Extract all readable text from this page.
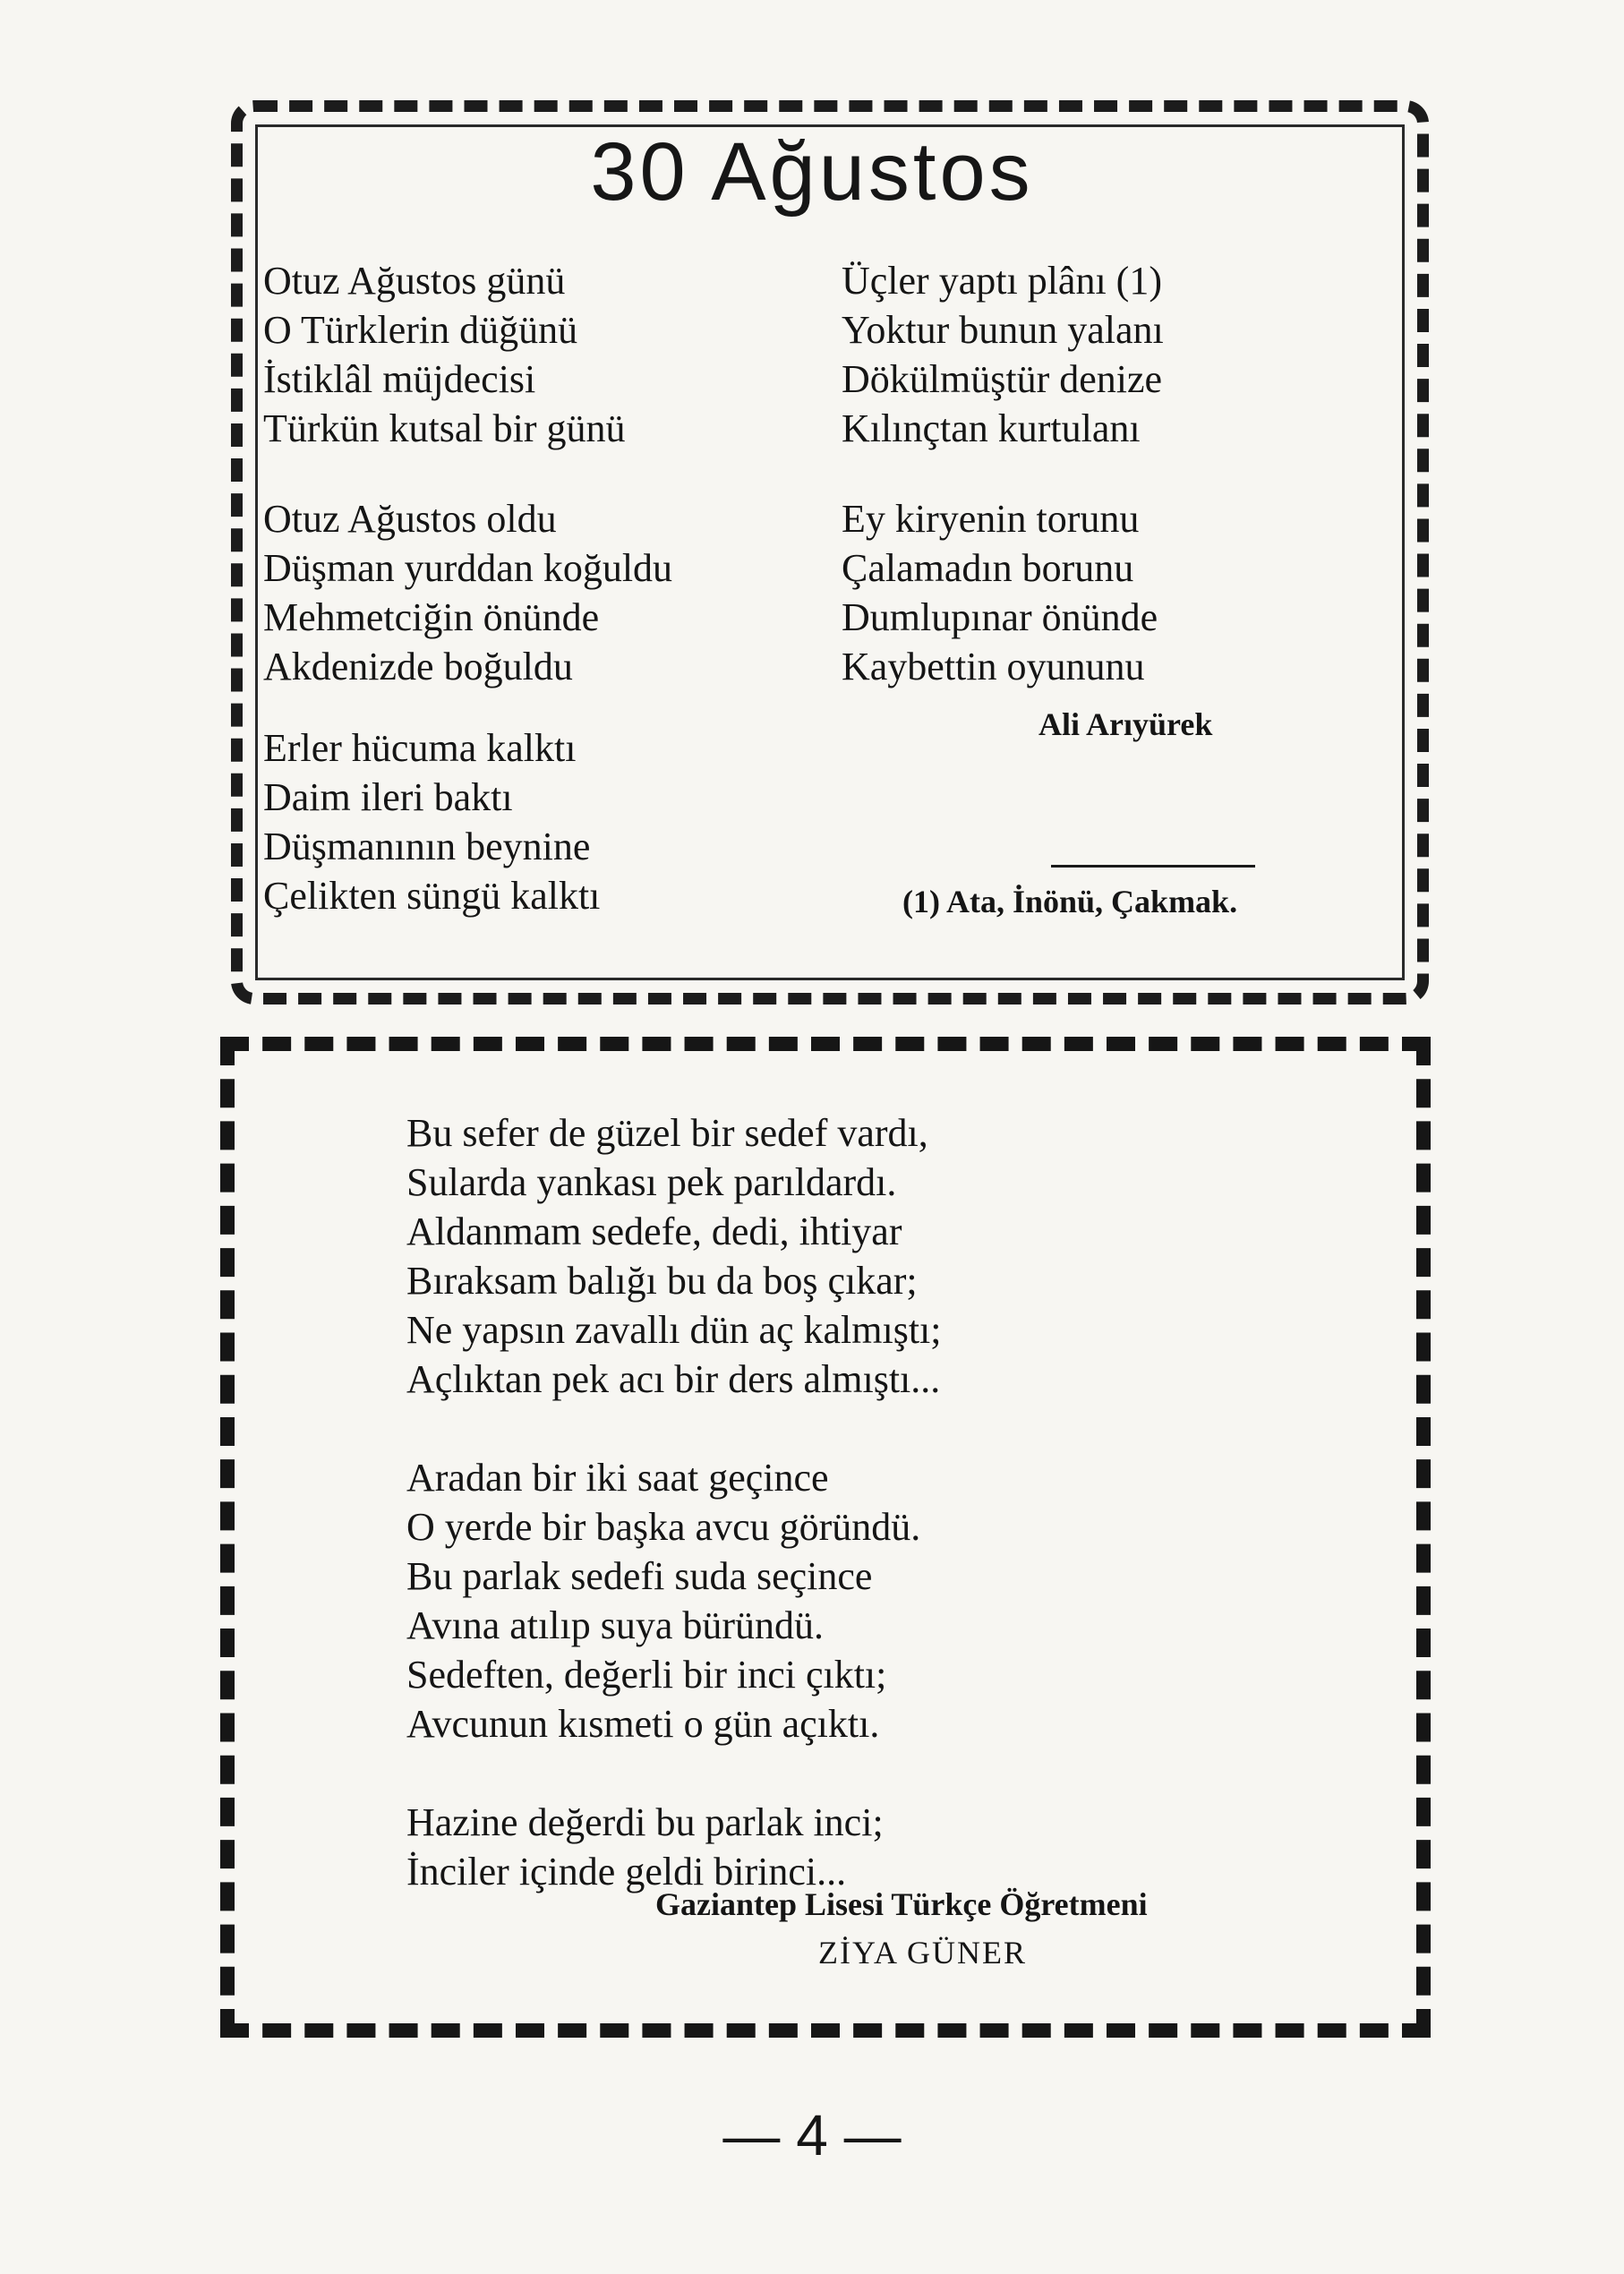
30 Ağustos
Otuz Ağustos günü
O Türklerin düğünü
İstiklâl müjdecisi
Türkün kutsal bir günü
Otuz Ağustos oldu
Düşman yurddan koğuldu
Mehmetciğin önünde
Akdenizde boğuldu
Erler hücuma kalktı
Daim ileri baktı
Düşmanının beynine
Çelikten süngü kalktı
Üçler yaptı plânı (1)
Yoktur bunun yalanı
Dökülmüştür denize
Kılınçtan kurtulanı
Ey kiryenin torunu
Çalamadın borunu
Dumlupınar önünde
Kaybettin oyununu
Ali Arıyürek
(1) Ata, İnönü, Çakmak.
Bu sefer de güzel bir sedef vardı,
Sularda yankası pek parıldardı.
Aldanmam sedefe, dedi, ihtiyar
Bıraksam balığı bu da boş çıkar;
Ne yapsın zavallı dün aç kalmıştı;
Açlıktan pek acı bir ders almıştı...
Aradan bir iki saat geçince
O yerde bir başka avcu göründü.
Bu parlak sedefi suda seçince
Avına atılıp suya büründü.
Sedeften, değerli bir inci çıktı;
Avcunun kısmeti o gün açıktı.
Hazine değerdi bu parlak inci;
İnciler içinde geldi birinci...
Gaziantep Lisesi Türkçe Öğretmeni
ZİYA GÜNER
— 4 —
